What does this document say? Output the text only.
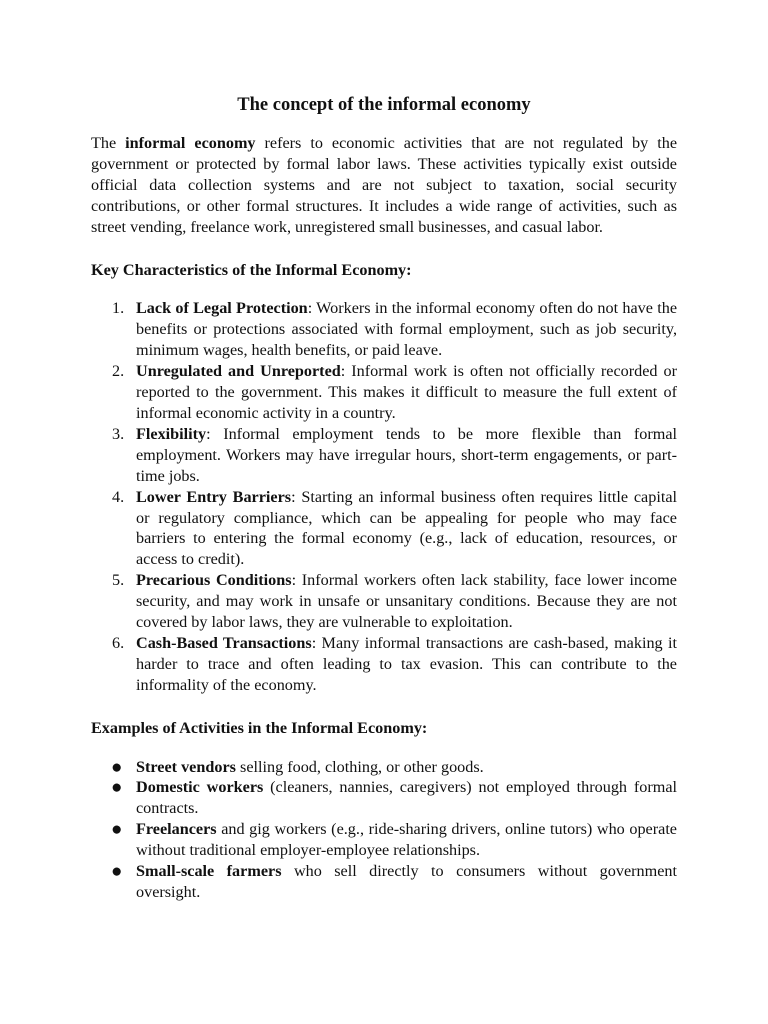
The concept of the informal economy

The informal economy refers to economic activities that are not regulated by the government or protected by formal labor laws. These activities typically exist outside official data collection systems and are not subject to taxation, social security contributions, or other formal structures. It includes a wide range of activities, such as street vending, freelance work, unregistered small businesses, and casual labor.

Key Characteristics of the Informal Economy:

1. Lack of Legal Protection: Workers in the informal economy often do not have the benefits or protections associated with formal employment, such as job security, minimum wages, health benefits, or paid leave.
2. Unregulated and Unreported: Informal work is often not officially recorded or reported to the government. This makes it difficult to measure the full extent of informal economic activity in a country.
3. Flexibility: Informal employment tends to be more flexible than formal employment. Workers may have irregular hours, short-term engagements, or part-time jobs.
4. Lower Entry Barriers: Starting an informal business often requires little capital or regulatory compliance, which can be appealing for people who may face barriers to entering the formal economy (e.g., lack of education, resources, or access to credit).
5. Precarious Conditions: Informal workers often lack stability, face lower income security, and may work in unsafe or unsanitary conditions. Because they are not covered by labor laws, they are vulnerable to exploitation.
6. Cash-Based Transactions: Many informal transactions are cash-based, making it harder to trace and often leading to tax evasion. This can contribute to the informality of the economy.

Examples of Activities in the Informal Economy:

● Street vendors selling food, clothing, or other goods.
● Domestic workers (cleaners, nannies, caregivers) not employed through formal contracts.
● Freelancers and gig workers (e.g., ride-sharing drivers, online tutors) who operate without traditional employer-employee relationships.
● Small-scale farmers who sell directly to consumers without government oversight.
